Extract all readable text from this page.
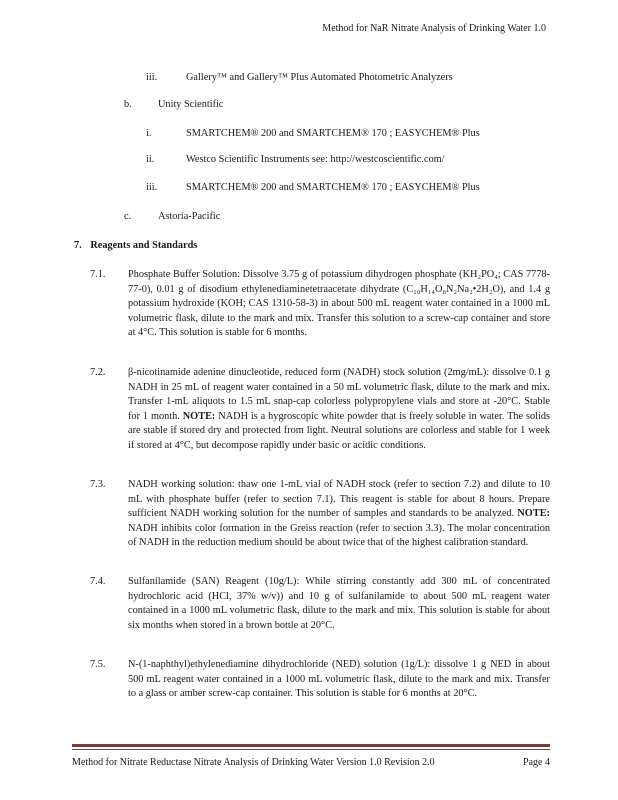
Method for NaR Nitrate Analysis of Drinking Water 1.0
iii.	Gallery™ and Gallery™ Plus Automated Photometric Analyzers
b.	Unity Scientific
i.	SMARTCHEM® 200 and SMARTCHEM® 170 ; EASYCHEM® Plus
ii.	Westco Scientific Instruments see: http://westcoscientific.com/
iii.	SMARTCHEM® 200 and SMARTCHEM® 170 ; EASYCHEM® Plus
c.	Astoria-Pacific
7. Reagents and Standards
7.1. Phosphate Buffer Solution: Dissolve 3.75 g of potassium dihydrogen phosphate (KH₂PO₄; CAS 7778-77-0), 0.01 g of disodium ethylenediaminetetraacetate dihydrate (C₁₀H₁₄O₈N₂Na₂•2H₂O), and 1.4 g potassium hydroxide (KOH; CAS 1310-58-3) in about 500 mL reagent water contained in a 1000 mL volumetric flask, dilute to the mark and mix. Transfer this solution to a screw-cap container and store at 4°C. This solution is stable for 6 months.
7.2. β-nicotinamide adenine dinucleotide, reduced form (NADH) stock solution (2mg/mL): dissolve 0.1 g NADH in 25 mL of reagent water contained in a 50 mL volumetric flask, dilute to the mark and mix. Transfer 1-mL aliquots to 1.5 mL snap-cap colorless polypropylene vials and store at -20°C. Stable for 1 month. NOTE: NADH is a hygroscopic white powder that is freely soluble in water. The solids are stable if stored dry and protected from light. Neutral solutions are colorless and stable for 1 week if stored at 4°C, but decompose rapidly under basic or acidic conditions.
7.3. NADH working solution: thaw one 1-mL vial of NADH stock (refer to section 7.2) and dilute to 10 mL with phosphate buffer (refer to section 7.1). This reagent is stable for about 8 hours. Prepare sufficient NADH working solution for the number of samples and standards to be analyzed. NOTE: NADH inhibits color formation in the Greiss reaction (refer to section 3.3). The molar concentration of NADH in the reduction medium should be about twice that of the highest calibration standard.
7.4. Sulfanilamide (SAN) Reagent (10g/L): While stirring constantly add 300 mL of concentrated hydrochloric acid (HCl, 37% w/v)) and 10 g of sulfanilamide to about 500 mL reagent water contained in a 1000 mL volumetric flask, dilute to the mark and mix. This solution is stable for about six months when stored in a brown bottle at 20°C.
7.5. N-(1-naphthyl)ethylenediamine dihydrochloride (NED) solution (1g/L): dissolve 1 g NED in about 500 mL reagent water contained in a 1000 mL volumetric flask, dilute to the mark and mix. Transfer to a glass or amber screw-cap container. This solution is stable for 6 months at 20°C.
Method for Nitrate Reductase Nitrate Analysis of Drinking Water Version 1.0 Revision 2.0	Page 4
